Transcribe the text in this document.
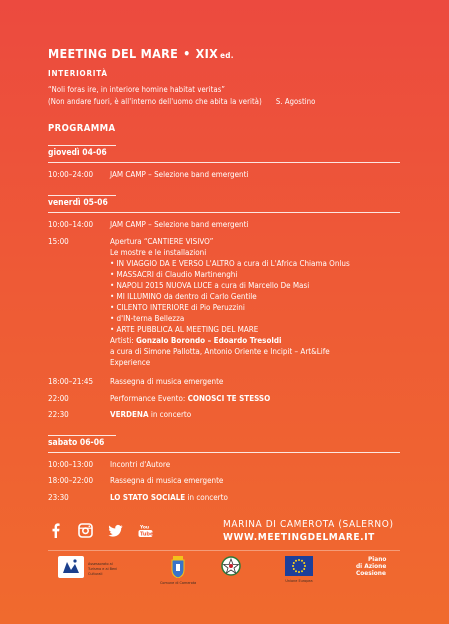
MEETING DEL MARE • XIX ed.
INTERIORITÀ
“Noli foras ire, in interiore homine habitat veritas”
(Non andare fuori, è all'interno dell'uomo che abita la verità) S. Agostino
PROGRAMMA
giovedì 04-06
10:00–24:00	JAM CAMP – Selezione band emergenti
venerdì 05-06
10:00–14:00	JAM CAMP – Selezione band emergenti
15:00	Apertura “CANTIERE VISIVO”
Le mostre e le installazioni
• IN VIAGGIO DA E VERSO L'ALTRO a cura di L'Africa Chiama Onlus
• MASSACRI di Claudio Martinenghi
• NAPOLI 2015 NUOVA LUCE a cura di Marcello De Masi
• MI ILLUMINO da dentro di Carlo Gentile
• CILENTO INTERIORE di Pio Peruzzini
• d'IN-terna Bellezza
• ARTE PUBBLICA AL MEETING DEL MARE
Artisti: Gonzalo Borondo – Edoardo Tresoldi
a cura di Simone Pallotta, Antonio Oriente e Incipit – Art&Life
Experience
18:00–21:45	Rassegna di musica emergente
22:00	Performance Evento: CONOSCI TE STESSO
22:30	VERDENA in concerto
sabato 06-06
10:00–13:00	Incontri d'Autore
18:00–22:00	Rassegna di musica emergente
23:30	LO STATO SOCIALE in concerto
You
Tube
MARINA DI CAMEROTA (SALERNO)
WWW.MEETINGDELMARE.IT
Assessorato al Turismo e ai Beni Culturali
Comune di Camerota	Unione Europea
Piano
di Azione
Coesione
